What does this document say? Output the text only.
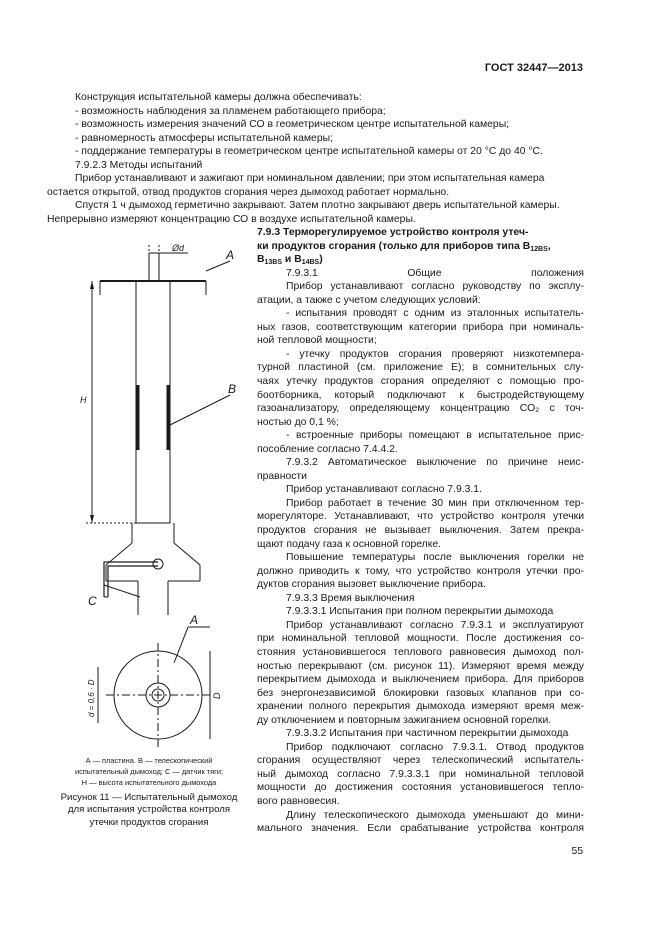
ГОСТ 32447—2013
Конструкция испытательной камеры должна обеспечивать:
- возможность наблюдения за пламенем работающего прибора;
- возможность измерения значений СО в геометрическом центре испытательной камеры;
- равномерность атмосферы испытательной камеры;
- поддержание температуры в геометрическом центре испытательной камеры от 20 °С до 40 °С.
7.9.2.3 Методы испытаний
Прибор устанавливают и зажигают при номинальном давлении; при этом испытательная камера
остается открытой, отвод продуктов сгорания через дымоход работает нормально.
Спустя 1 ч дымоход герметично закрывают. Затем плотно закрывают дверь испытательной камеры.
Непрерывно измеряют концентрацию СО в воздухе испытательной камеры.
7.9.3 Терморегулируемое устройство контроля утеч-
ки продуктов сгорания (только для приборов типа $В_{12BS}$,
$В_{13BS}$ и $В_{14BS}$)
7.9.3.1 Общие положения
Прибор устанавливают согласно руководству по эксплу-
атации, а также с учетом следующих условий:
- испытания проводят с одним из эталонных испытатель-
ных газов, соответствующим категории прибора при номиналь-
ной тепловой мощности;
- утечку продуктов сгорания проверяют низкотемпера-
турной пластиной (см. приложение Е); в сомнительных слу-
чаях утечку продуктов сгорания определяют с помощью про-
боотборника, который подключают к быстродействующему
газоанализатору, определяющему концентрацию СО₂ с точ-
ностью до 0,1 %;
- встроенные приборы помещают в испытательное прис-
пособление согласно 7.4.4.2.
7.9.3.2 Автоматическое выключение по причине неис-
правности
Прибор устанавливают согласно 7.9.3.1.
Прибор работает в течение 30 мин при отключенном тер-
морегуляторе. Устанавливают, что устройство контроля утечки
продуктов сгорания не вызывает выключения. Затем прекра-
щают подачу газа к основной горелке.
Повышение температуры после выключения горелки не
должно приводить к тому, что устройство контроля утечки про-
дуктов сгорания вызовет выключение прибора.
7.9.3.3 Время выключения
7.9.3.3.1 Испытания при полном перекрытии дымохода
Прибор устанавливают согласно 7.9.3.1 и эксплуатируют
при номинальной тепловой мощности. После достижения со-
стояния установившегося теплового равновесия дымоход пол-
ностью перекрывают (см. рисунок 11). Измеряют время между
перекрытием дымохода и выключением прибора. Для приборов
без энергонезависимой блокировки газовых клапанов при со-
хранении полного перекрытия дымохода измеряют время меж-
ду отключением и повторным зажиганием основной горелки.
7.9.3.3.2 Испытания при частичном перекрытии дымохода
Прибор подключают согласно 7.9.3.1. Отвод продуктов
сгорания осуществляют через телескопический испытатель-
ный дымоход согласно 7.9.3.3.1 при номинальной тепловой
мощности до достижения состояния установившегося тепло-
вого равновесия.
Длину телескопического дымохода уменьшают до мини-
мального значения. Если срабатывание устройства контроля
Ød	А
В
С
Н
А
D
d = 0,6 · D
А — пластина. В — телескопический
испытательный дымоход; С — датчик тяги;
Н — высота испытательного дымохода
Рисунок 11 — Испытательный дымоход
для испытания устройства контроля
утечки продуктов сгорания
55
